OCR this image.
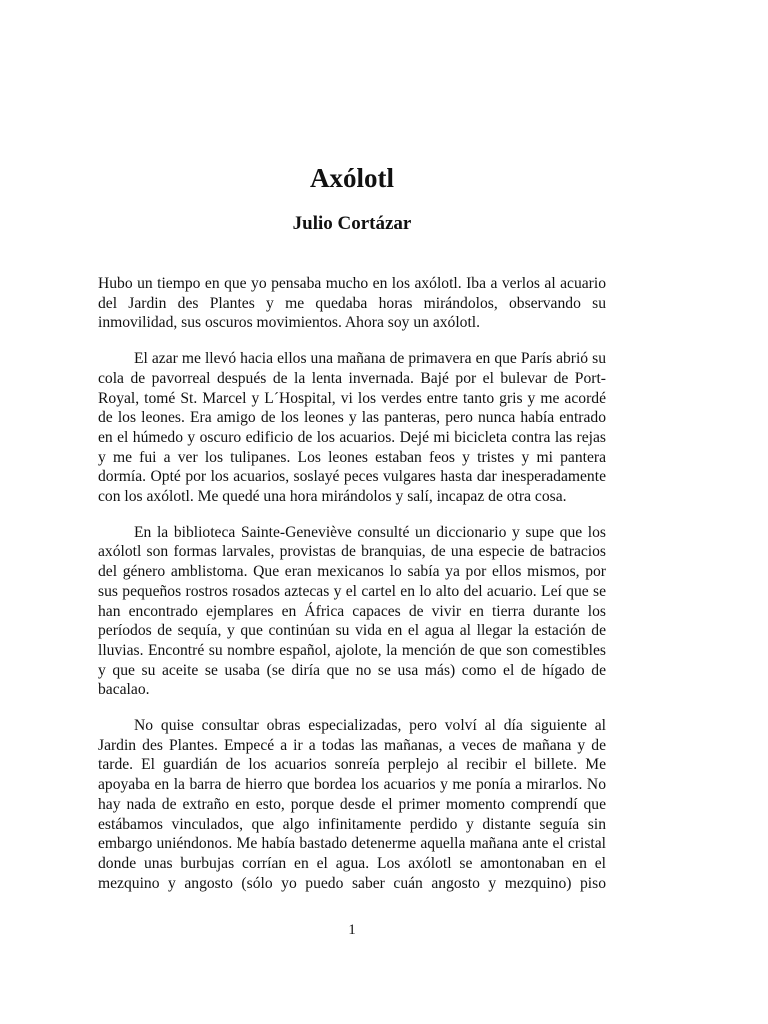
Axólotl
Julio Cortázar

Hubo un tiempo en que yo pensaba mucho en los axólotl. Iba a verlos al acuario del Jardin des Plantes y me quedaba horas mirándolos, observando su inmovilidad, sus oscuros movimientos. Ahora soy un axólotl.

El azar me llevó hacia ellos una mañana de primavera en que París abrió su cola de pavorreal después de la lenta invernada. Bajé por el bulevar de Port-Royal, tomé St. Marcel y L´Hospital, vi los verdes entre tanto gris y me acordé de los leones. Era amigo de los leones y las panteras, pero nunca había entrado en el húmedo y oscuro edificio de los acuarios. Dejé mi bicicleta contra las rejas y me fui a ver los tulipanes. Los leones estaban feos y tristes y mi pantera dormía. Opté por los acuarios, soslayé peces vulgares hasta dar inesperadamente con los axólotl. Me quedé una hora mirándolos y salí, incapaz de otra cosa.

En la biblioteca Sainte-Geneviève consulté un diccionario y supe que los axólotl son formas larvales, provistas de branquias, de una especie de batracios del género amblistoma. Que eran mexicanos lo sabía ya por ellos mismos, por sus pequeños rostros rosados aztecas y el cartel en lo alto del acuario. Leí que se han encontrado ejemplares en África capaces de vivir en tierra durante los períodos de sequía, y que continúan su vida en el agua al llegar la estación de lluvias. Encontré su nombre español, ajolote, la mención de que son comestibles y que su aceite se usaba (se diría que no se usa más) como el de hígado de bacalao.

No quise consultar obras especializadas, pero volví al día siguiente al Jardin des Plantes. Empecé a ir a todas las mañanas, a veces de mañana y de tarde. El guardián de los acuarios sonreía perplejo al recibir el billete. Me apoyaba en la barra de hierro que bordea los acuarios y me ponía a mirarlos. No hay nada de extraño en esto, porque desde el primer momento comprendí que estábamos vinculados, que algo infinitamente perdido y distante seguía sin embargo uniéndonos. Me había bastado detenerme aquella mañana ante el cristal donde unas burbujas corrían en el agua. Los axólotl se amontonaban en el mezquino y angosto (sólo yo puedo saber cuán angosto y mezquino) piso

1
